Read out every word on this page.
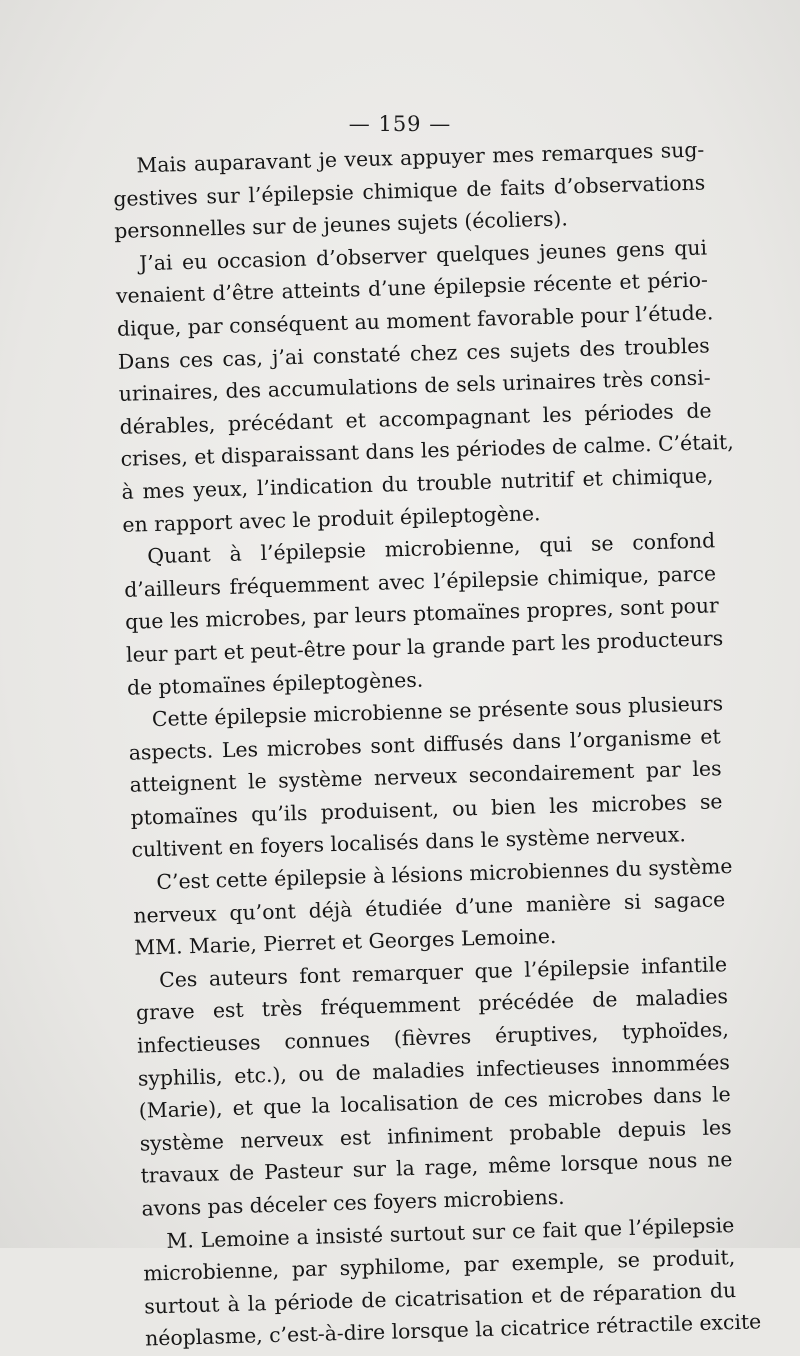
— 159 —
Mais auparavant je veux appuyer mes remarques sug-
gestives sur l’épilepsie chimique de faits d’observations
personnelles sur de jeunes sujets (écoliers).
J’ai eu occasion d’observer quelques jeunes gens qui
venaient d’être atteints d’une épilepsie récente et pério-
dique, par conséquent au moment favorable pour l’étude.
Dans ces cas, j’ai constaté chez ces sujets des troubles
urinaires, des accumulations de sels urinaires très consi-
dérables, précédant et accompagnant les périodes de
crises, et disparaissant dans les périodes de calme. C’était,
à mes yeux, l’indication du trouble nutritif et chimique,
en rapport avec le produit épileptogène.
Quant à l’épilepsie microbienne, qui se confond
d’ailleurs fréquemment avec l’épilepsie chimique, parce
que les microbes, par leurs ptomaïnes propres, sont pour
leur part et peut-être pour la grande part les producteurs
de ptomaïnes épileptogènes.
Cette épilepsie microbienne se présente sous plusieurs
aspects. Les microbes sont diffusés dans l’organisme et
atteignent le système nerveux secondairement par les
ptomaïnes qu’ils produisent, ou bien les microbes se
cultivent en foyers localisés dans le système nerveux.
C’est cette épilepsie à lésions microbiennes du système
nerveux qu’ont déjà étudiée d’une manière si sagace
MM. Marie, Pierret et Georges Lemoine.
Ces auteurs font remarquer que l’épilepsie infantile
grave est très fréquemment précédée de maladies
infectieuses connues (fièvres éruptives, typhoïdes,
syphilis, etc.), ou de maladies infectieuses innommées
(Marie), et que la localisation de ces microbes dans le
système nerveux est infiniment probable depuis les
travaux de Pasteur sur la rage, même lorsque nous ne
avons pas déceler ces foyers microbiens.
M. Lemoine a insisté surtout sur ce fait que l’épilepsie
microbienne, par syphilome, par exemple, se produit,
surtout à la période de cicatrisation et de réparation du
néoplasme, c’est-à-dire lorsque la cicatrice rétractile excite
